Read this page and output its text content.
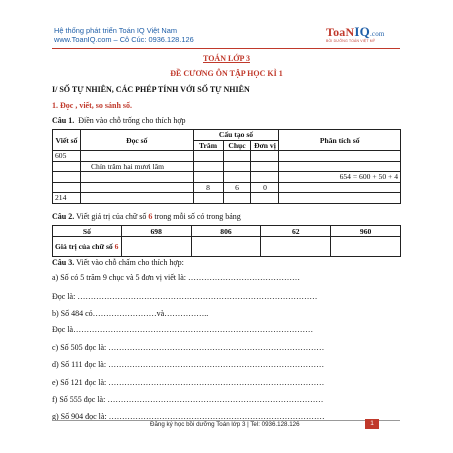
Hệ thống phát triển Toán IQ Việt Nam
www.ToanIQ.com – Cô Cúc: 0936.128.126
ToaNIQ.com
BỒI DƯỠNG TOÁN VIỆT MỸ
TOÁN LỚP 3
ĐỀ CƯƠNG ÔN TẬP HỌC KÌ 1
I/ SỐ TỰ NHIÊN, CÁC PHÉP TÍNH VỚI SỐ TỰ NHIÊN
1. Đọc , viết, so sánh số.
Câu 1. Điền vào chỗ trống cho thích hợp
Viết số	Đọc số	Cấu tạo số			Phân tích số
		Trăm	Chục	Đơn vị	
605					
	Chín trăm hai mươi lăm				
					654 = 600 + 50 + 4
		8	6	0	
214					
Câu 2. Viết giá trị của chữ số 6 trong mỗi số có trong bảng
Số	698	806	62	960
Giá trị của chữ số 6				
Câu 3. Viết vào chỗ chấm cho thích hợp:
a) Số có 5 trăm 9 chục và 5 đơn vị viết là: ……………………………………
Đọc là: ………………………………………………………………………………
b) Số 484 có……………………và……………..
Đọc là………………………………………………………………………………
c) Số 505 đọc là: ………………………………………………………………………
d) Số 111 đọc là: ………………………………………………………………………
e) Số 121 đọc là: ………………………………………………………………………
f) Số 555 đọc là: ………………………………………………………………………
g) Số 904 đọc là: ………………………………………………………………………
Đăng ký học bồi dưỡng Toán lớp 3 | Tel: 0936.128.126	1
